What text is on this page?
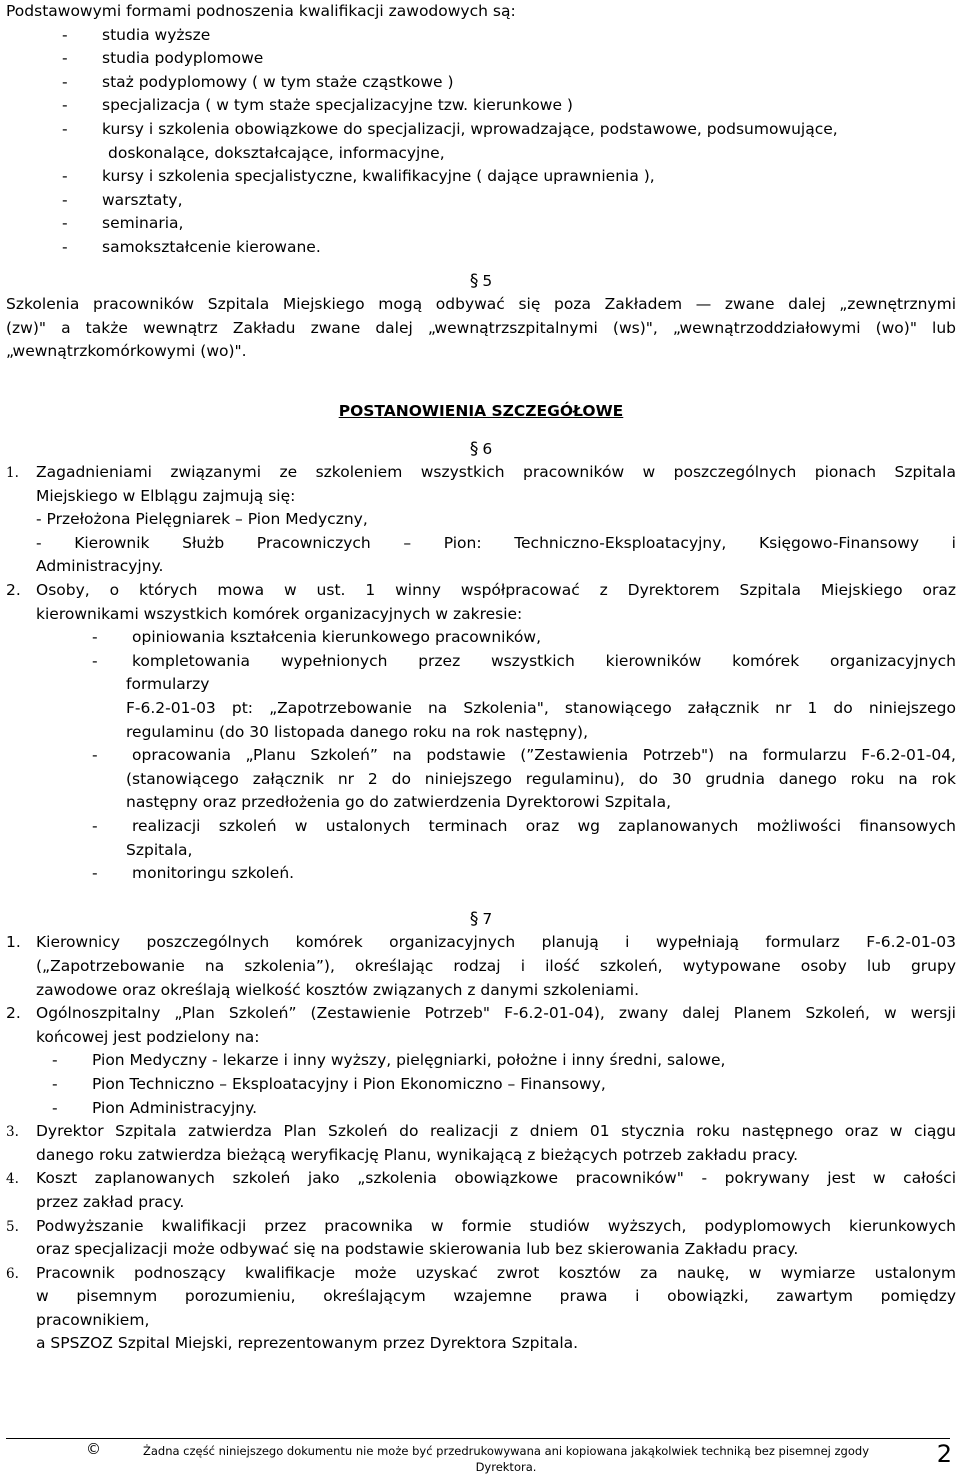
Podstawowymi formami podnoszenia kwalifikacji zawodowych są:
- studia wyższe
- studia podyplomowe
- staż podyplomowy ( w tym staże cząstkowe )
- specjalizacja ( w tym staże specjalizacyjne tzw. kierunkowe )
- kursy i szkolenia obowiązkowe do specjalizacji, wprowadzające, podstawowe, podsumowujące,
doskonalące, dokształcające, informacyjne,
- kursy i szkolenia specjalistyczne, kwalifikacyjne ( dające uprawnienia ),
- warsztaty,
- seminaria,
- samokształcenie kierowane.
§ 5
Szkolenia pracowników Szpitala Miejskiego mogą odbywać się poza Zakładem — zwane dalej „zewnętrznymi
(zw)" a także wewnątrz Zakładu zwane dalej „wewnątrzszpitalnymi (ws)", „wewnątrzoddziałowymi (wo)" lub
„wewnątrzkomórkowymi (wo)".
POSTANOWIENIA SZCZEGÓŁOWE
§ 6
1. Zagadnieniami związanymi ze szkoleniem wszystkich pracowników w poszczególnych pionach Szpitala
Miejskiego w Elblągu zajmują się:
- Przełożona Pielęgniarek – Pion Medyczny,
- Kierownik Służb Pracowniczych – Pion: Techniczno-Eksploatacyjny, Księgowo-Finansowy i
Administracyjny.
2. Osoby, o których mowa w ust. 1 winny współpracować z Dyrektorem Szpitala Miejskiego oraz
kierownikami wszystkich komórek organizacyjnych w zakresie:
- opiniowania kształcenia kierunkowego pracowników,
- kompletowania wypełnionych przez wszystkich kierowników komórek organizacyjnych
formularzy
F-6.2-01-03 pt: „Zapotrzebowanie na Szkolenia", stanowiącego załącznik nr 1 do niniejszego
regulaminu (do 30 listopada danego roku na rok następny),
- opracowania „Planu Szkoleń” na podstawie (”Zestawienia Potrzeb") na formularzu F-6.2-01-04,
(stanowiącego załącznik nr 2 do niniejszego regulaminu), do 30 grudnia danego roku na rok
następny oraz przedłożenia go do zatwierdzenia Dyrektorowi Szpitala,
- realizacji szkoleń w ustalonych terminach oraz wg zaplanowanych możliwości finansowych
Szpitala,
- monitoringu szkoleń.
§ 7
1. Kierownicy poszczególnych komórek organizacyjnych planują i wypełniają formularz F-6.2-01-03
(„Zapotrzebowanie na szkolenia”), określając rodzaj i ilość szkoleń, wytypowane osoby lub grupy
zawodowe oraz określają wielkość kosztów związanych z danymi szkoleniami.
2. Ogólnoszpitalny „Plan Szkoleń” (Zestawienie Potrzeb" F-6.2-01-04), zwany dalej Planem Szkoleń, w wersji
końcowej jest podzielony na:
- Pion Medyczny - lekarze i inny wyższy, pielęgniarki, położne i inny średni, salowe,
- Pion Techniczno – Eksploatacyjny i Pion Ekonomiczno – Finansowy,
- Pion Administracyjny.
3. Dyrektor Szpitala zatwierdza Plan Szkoleń do realizacji z dniem 01 stycznia roku następnego oraz w ciągu
danego roku zatwierdza bieżącą weryfikację Planu, wynikającą z bieżących potrzeb zakładu pracy.
4. Koszt zaplanowanych szkoleń jako „szkolenia obowiązkowe pracowników" - pokrywany jest w całości
przez zakład pracy.
5. Podwyższanie kwalifikacji przez pracownika w formie studiów wyższych, podyplomowych kierunkowych
oraz specjalizacji może odbywać się na podstawie skierowania lub bez skierowania Zakładu pracy.
6. Pracownik podnoszący kwalifikacje może uzyskać zwrot kosztów za naukę, w wymiarze ustalonym
w pisemnym porozumieniu, określającym wzajemne prawa i obowiązki, zawartym pomiędzy
pracownikiem,
a SPSZOZ Szpital Miejski, reprezentowanym przez Dyrektora Szpitala.
©	Żadna część niniejszego dokumentu nie może być przedrukowywana ani kopiowana jakąkolwiek techniką bez pisemnej zgody
Dyrektora.	2
